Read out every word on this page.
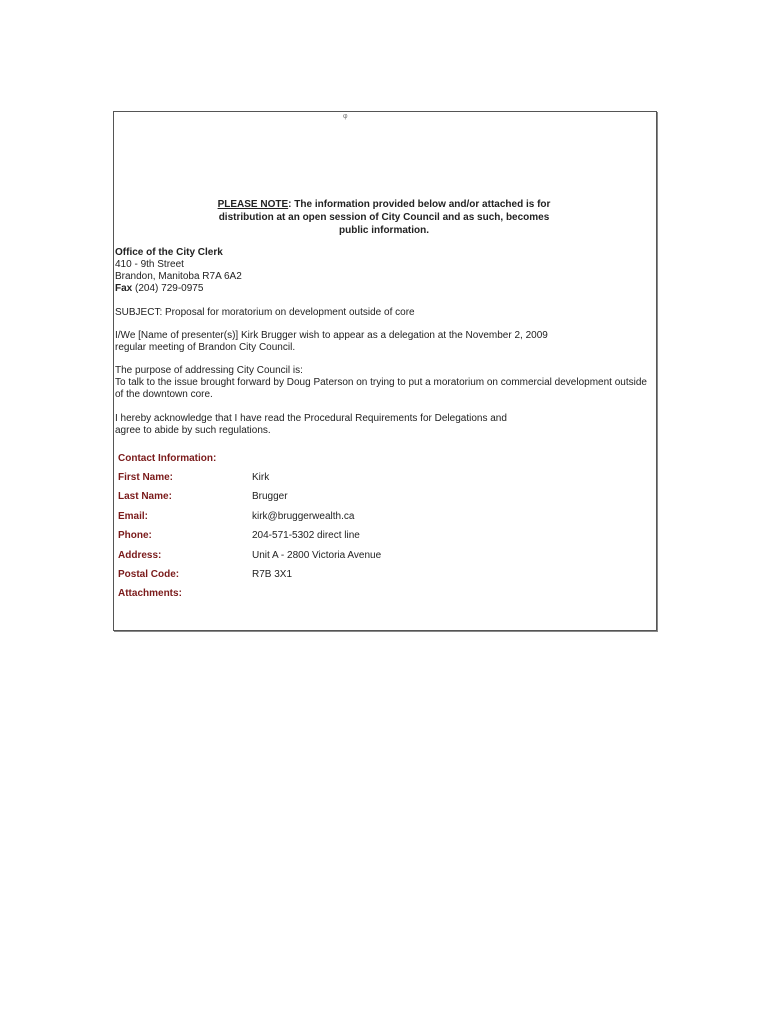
φ
PLEASE NOTE: The information provided below and/or attached is for
distribution at an open session of City Council and as such, becomes
public information.
Office of the City Clerk
410 - 9th Street
Brandon, Manitoba R7A 6A2
Fax (204) 729-0975
SUBJECT: Proposal for moratorium on development outside of core
I/We [Name of presenter(s)] Kirk Brugger wish to appear as a delegation at the November 2, 2009
regular meeting of Brandon City Council.
The purpose of addressing City Council is:
To talk to the issue brought forward by Doug Paterson on trying to put a moratorium on commercial development outside
of the downtown core.
I hereby acknowledge that I have read the Procedural Requirements for Delegations and
agree to abide by such regulations.
Contact Information:
First Name:	Kirk
Last Name:	Brugger
Email:	kirk@bruggerwealth.ca
Phone:	204-571-5302 direct line
Address:	Unit A - 2800 Victoria Avenue
Postal Code:	R7B 3X1
Attachments:
